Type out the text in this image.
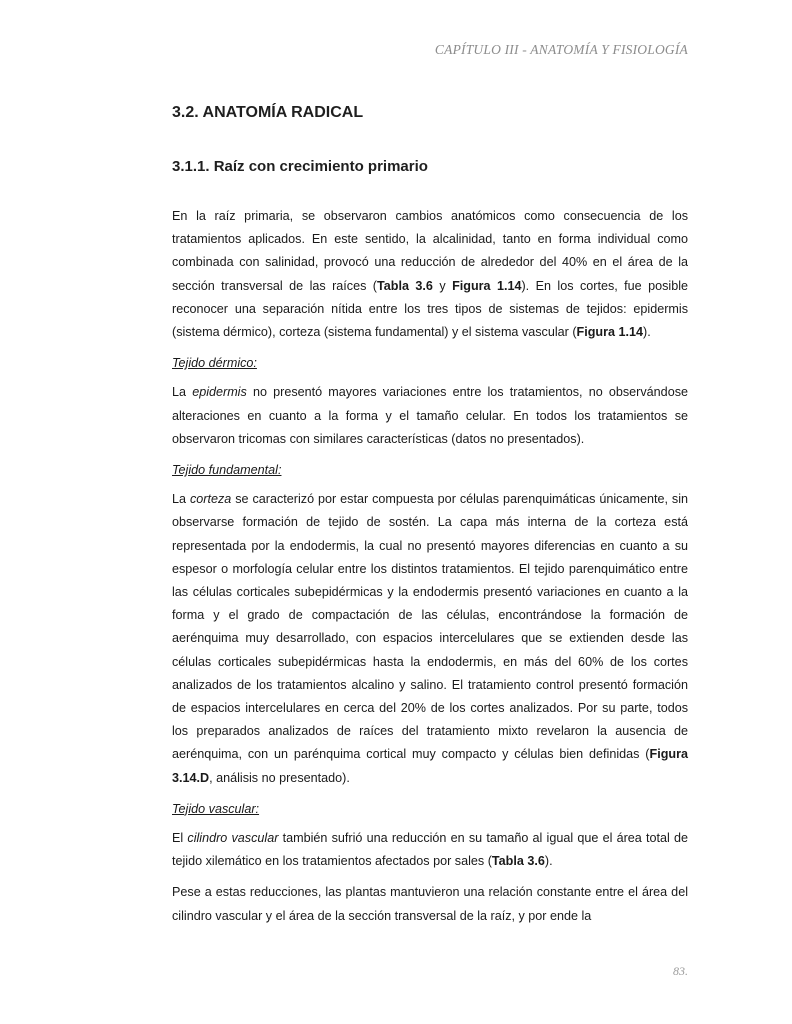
CAPÍTULO III - ANATOMÍA Y FISIOLOGÍA
3.2. ANATOMÍA RADICAL
3.1.1. Raíz con crecimiento primario

En la raíz primaria, se observaron cambios anatómicos como consecuencia de los tratamientos aplicados. En este sentido, la alcalinidad, tanto en forma individual como combinada con salinidad, provocó una reducción de alrededor del 40% en el área de la sección transversal de las raíces (Tabla 3.6 y Figura 1.14). En los cortes, fue posible reconocer una separación nítida entre los tres tipos de sistemas de tejidos: epidermis (sistema dérmico), corteza (sistema fundamental) y el sistema vascular (Figura 1.14).

Tejido dérmico:

La epidermis no presentó mayores variaciones entre los tratamientos, no observándose alteraciones en cuanto a la forma y el tamaño celular. En todos los tratamientos se observaron tricomas con similares características (datos no presentados).

Tejido fundamental:

La corteza se caracterizó por estar compuesta por células parenquimáticas únicamente, sin observarse formación de tejido de sostén. La capa más interna de la corteza está representada por la endodermis, la cual no presentó mayores diferencias en cuanto a su espesor o morfología celular entre los distintos tratamientos. El tejido parenquimático entre las células corticales subepidérmicas y la endodermis presentó variaciones en cuanto a la forma y el grado de compactación de las células, encontrándose la formación de aerénquima muy desarrollado, con espacios intercelulares que se extienden desde las células corticales subepidérmicas hasta la endodermis, en más del 60% de los cortes analizados de los tratamientos alcalino y salino. El tratamiento control presentó formación de espacios intercelulares en cerca del 20% de los cortes analizados. Por su parte, todos los preparados analizados de raíces del tratamiento mixto revelaron la ausencia de aerénquima, con un parénquima cortical muy compacto y células bien definidas (Figura 3.14.D, análisis no presentado).

Tejido vascular:

El cilindro vascular también sufrió una reducción en su tamaño al igual que el área total de tejido xilemático en los tratamientos afectados por sales (Tabla 3.6).

Pese a estas reducciones, las plantas mantuvieron una relación constante entre el área del cilindro vascular y el área de la sección transversal de la raíz, y por ende la

83.
